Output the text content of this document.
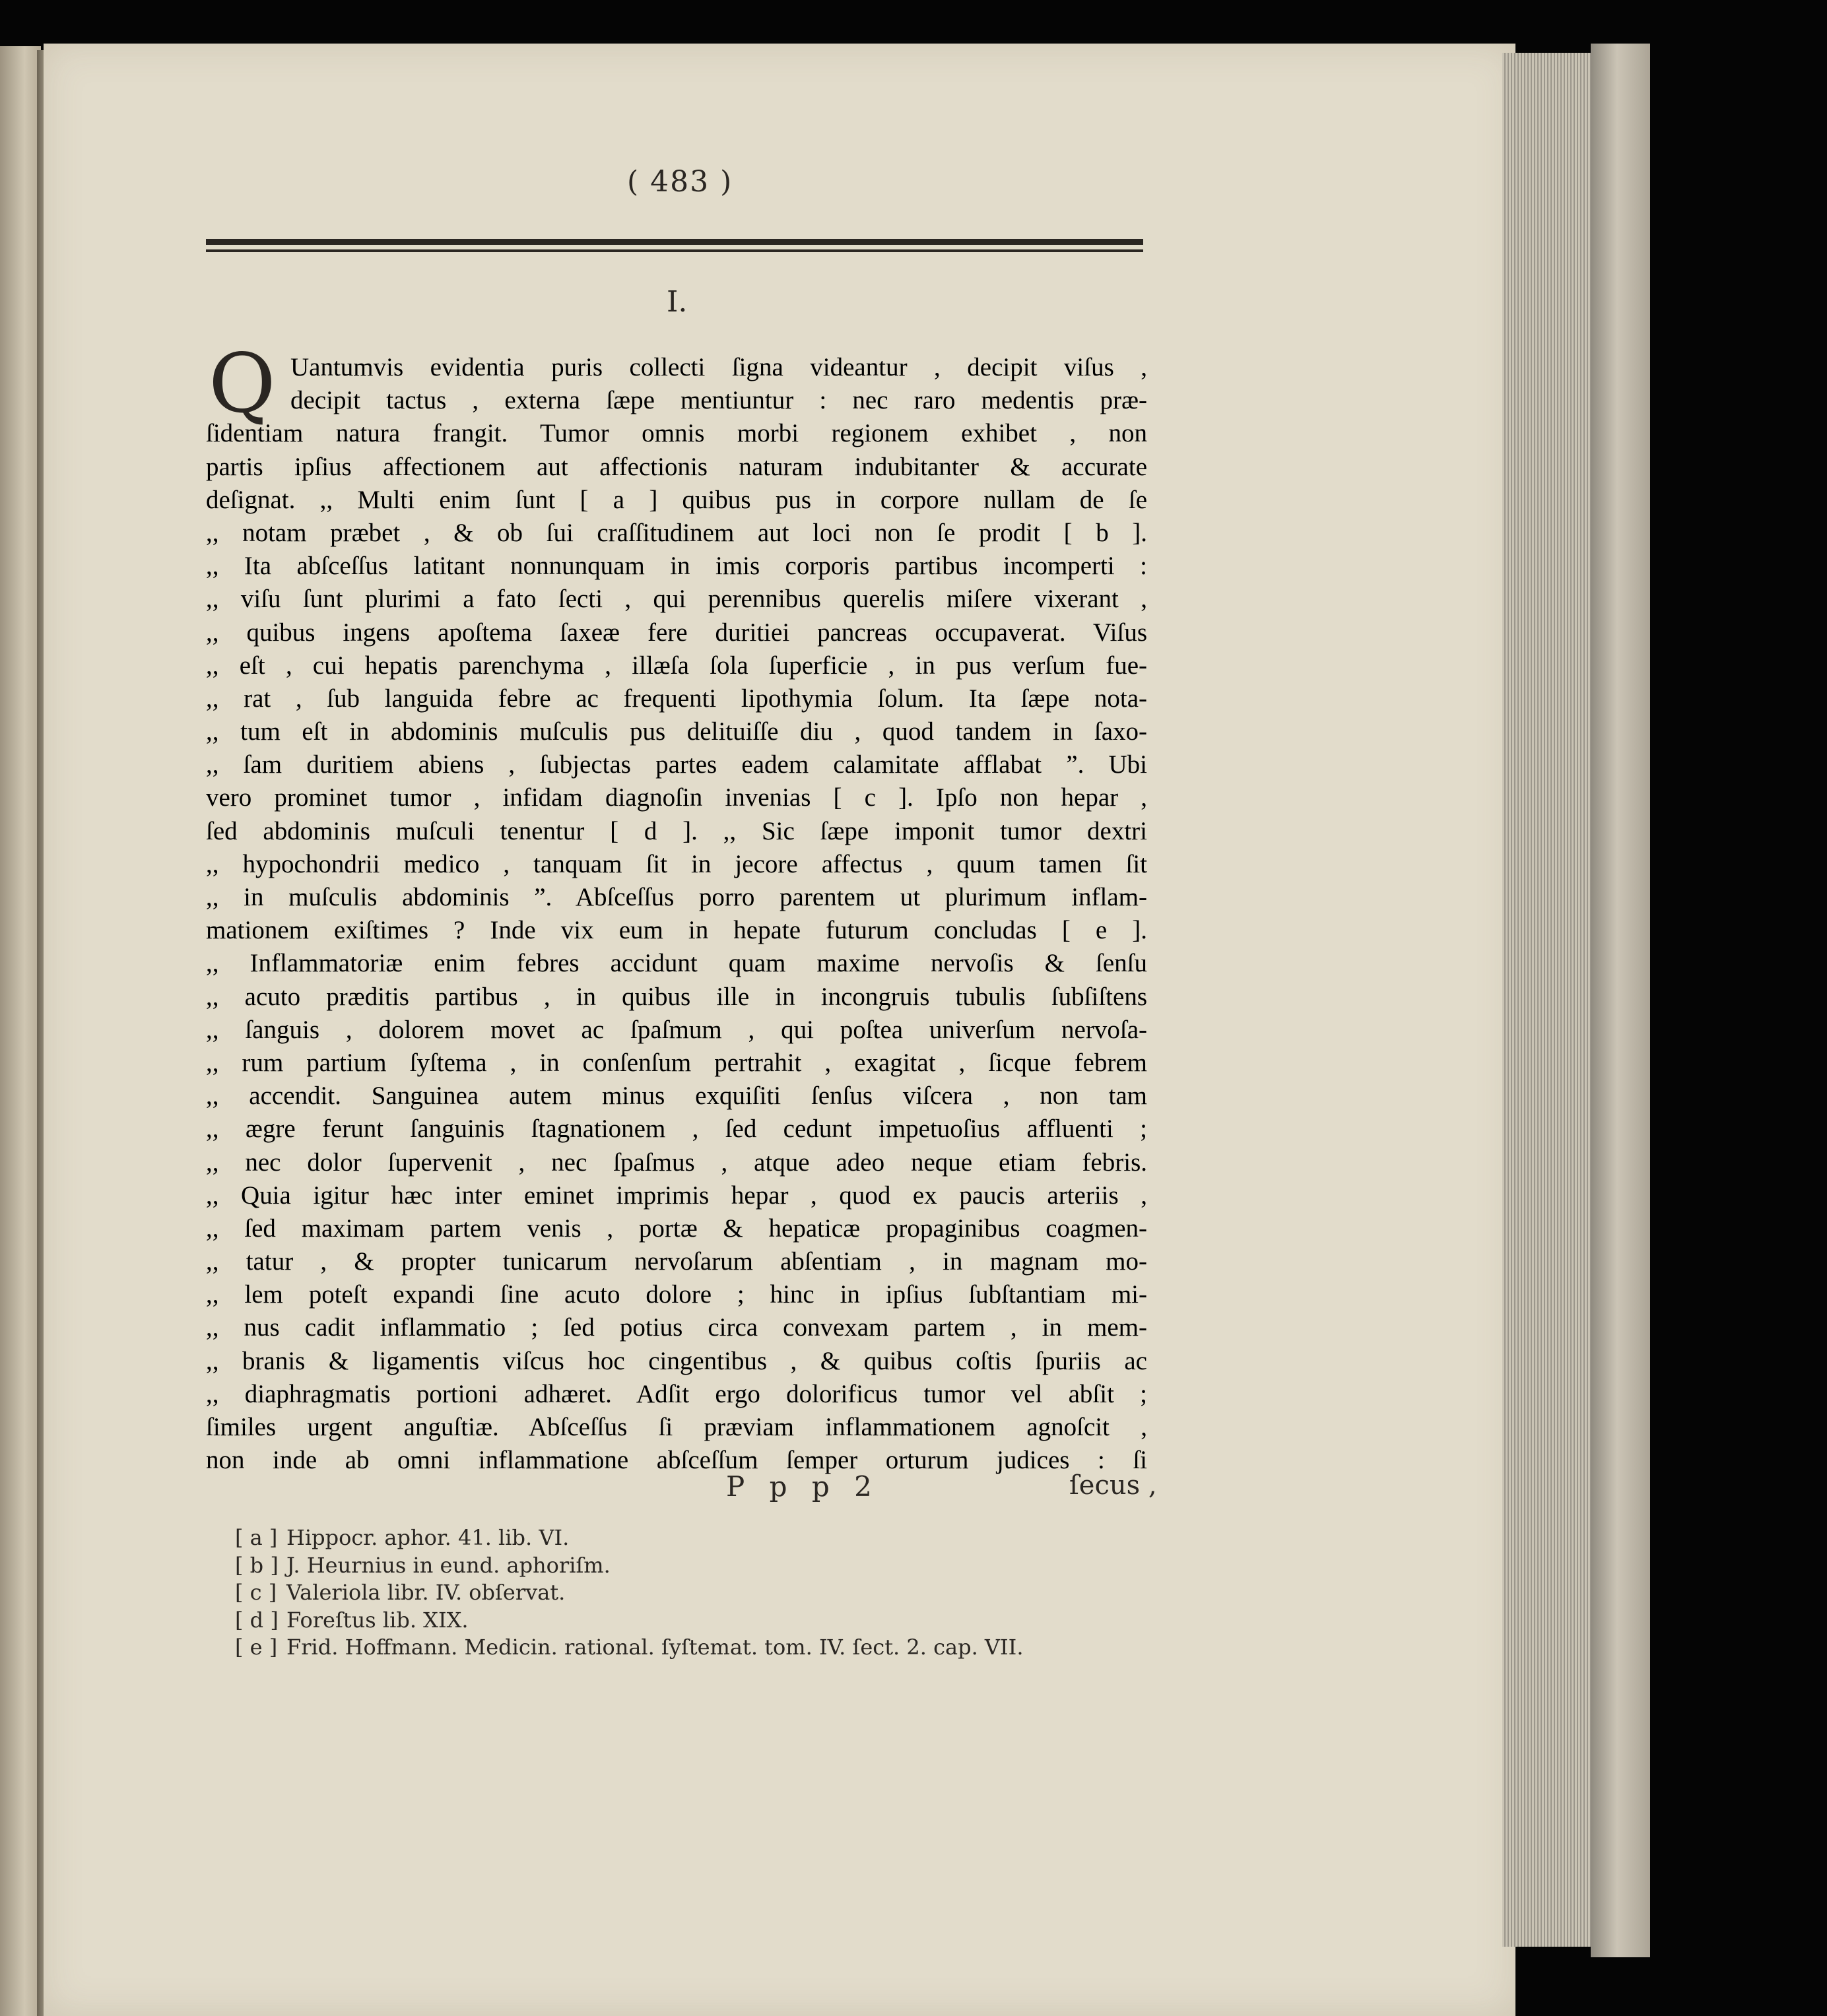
( 483 )
I.
Q Uantumvis evidentia puris collecti ſigna videantur , decipit viſus ,
decipit tactus , externa ſæpe mentiuntur : nec raro medentis præ-
ſidentiam natura frangit. Tumor omnis morbi regionem exhibet , non
partis ipſius affectionem aut affectionis naturam indubitanter & accurate
deſignat. ,, Multi enim ſunt [ a ] quibus pus in corpore nullam de ſe
,, notam præbet , & ob ſui craſſitudinem aut loci non ſe prodit [ b ].
,, Ita abſceſſus latitant nonnunquam in imis corporis partibus incomperti :
,, viſu ſunt plurimi a fato ſecti , qui perennibus querelis miſere vixerant ,
,, quibus ingens apoſtema ſaxeæ fere duritiei pancreas occupaverat. Viſus
,, eſt , cui hepatis parenchyma , illæſa ſola ſuperficie , in pus verſum fue-
,, rat , ſub languida febre ac frequenti lipothymia ſolum. Ita ſæpe nota-
,, tum eſt in abdominis muſculis pus delituiſſe diu , quod tandem in ſaxo-
,, ſam duritiem abiens , ſubjectas partes eadem calamitate afflabat ”. Ubi
vero prominet tumor , infidam diagnoſin invenias [ c ]. Ipſo non hepar ,
ſed abdominis muſculi tenentur [ d ]. ,, Sic ſæpe imponit tumor dextri
,, hypochondrii medico , tanquam ſit in jecore affectus , quum tamen ſit
,, in muſculis abdominis ”. Abſceſſus porro parentem ut plurimum inflam-
mationem exiſtimes ? Inde vix eum in hepate futurum concludas [ e ].
,, Inflammatoriæ enim febres accidunt quam maxime nervoſis & ſenſu
,, acuto præditis partibus , in quibus ille in incongruis tubulis ſubſiſtens
,, ſanguis , dolorem movet ac ſpaſmum , qui poſtea univerſum nervoſa-
,, rum partium ſyſtema , in conſenſum pertrahit , exagitat , ſicque febrem
,, accendit. Sanguinea autem minus exquiſiti ſenſus viſcera , non tam
,, ægre ferunt ſanguinis ſtagnationem , ſed cedunt impetuoſius affluenti ;
,, nec dolor ſupervenit , nec ſpaſmus , atque adeo neque etiam febris.
,, Quia igitur hæc inter eminet imprimis hepar , quod ex paucis arteriis ,
,, ſed maximam partem venis , portæ & hepaticæ propaginibus coagmen-
,, tatur , & propter tunicarum nervoſarum abſentiam , in magnam mo-
,, lem poteſt expandi ſine acuto dolore ; hinc in ipſius ſubſtantiam mi-
,, nus cadit inflammatio ; ſed potius circa convexam partem , in mem-
,, branis & ligamentis viſcus hoc cingentibus , & quibus coſtis ſpuriis ac
,, diaphragmatis portioni adhæret. Adſit ergo dolorificus tumor vel abſit ;
ſimiles urgent anguſtiæ. Abſceſſus ſi præviam inflammationem agnoſcit ,
non inde ab omni inflammatione abſceſſum ſemper orturum judices : ſi
P p p 2	ſecus ,
[ a ] Hippocr. aphor. 41. lib. VI.
[ b ] J. Heurnius in eund. aphoriſm.
[ c ] Valeriola libr. IV. obſervat.
[ d ] Foreſtus lib. XIX.
[ e ] Frid. Hoffmann. Medicin. rational. ſyſtemat. tom. IV. ſect. 2. cap. VII.
